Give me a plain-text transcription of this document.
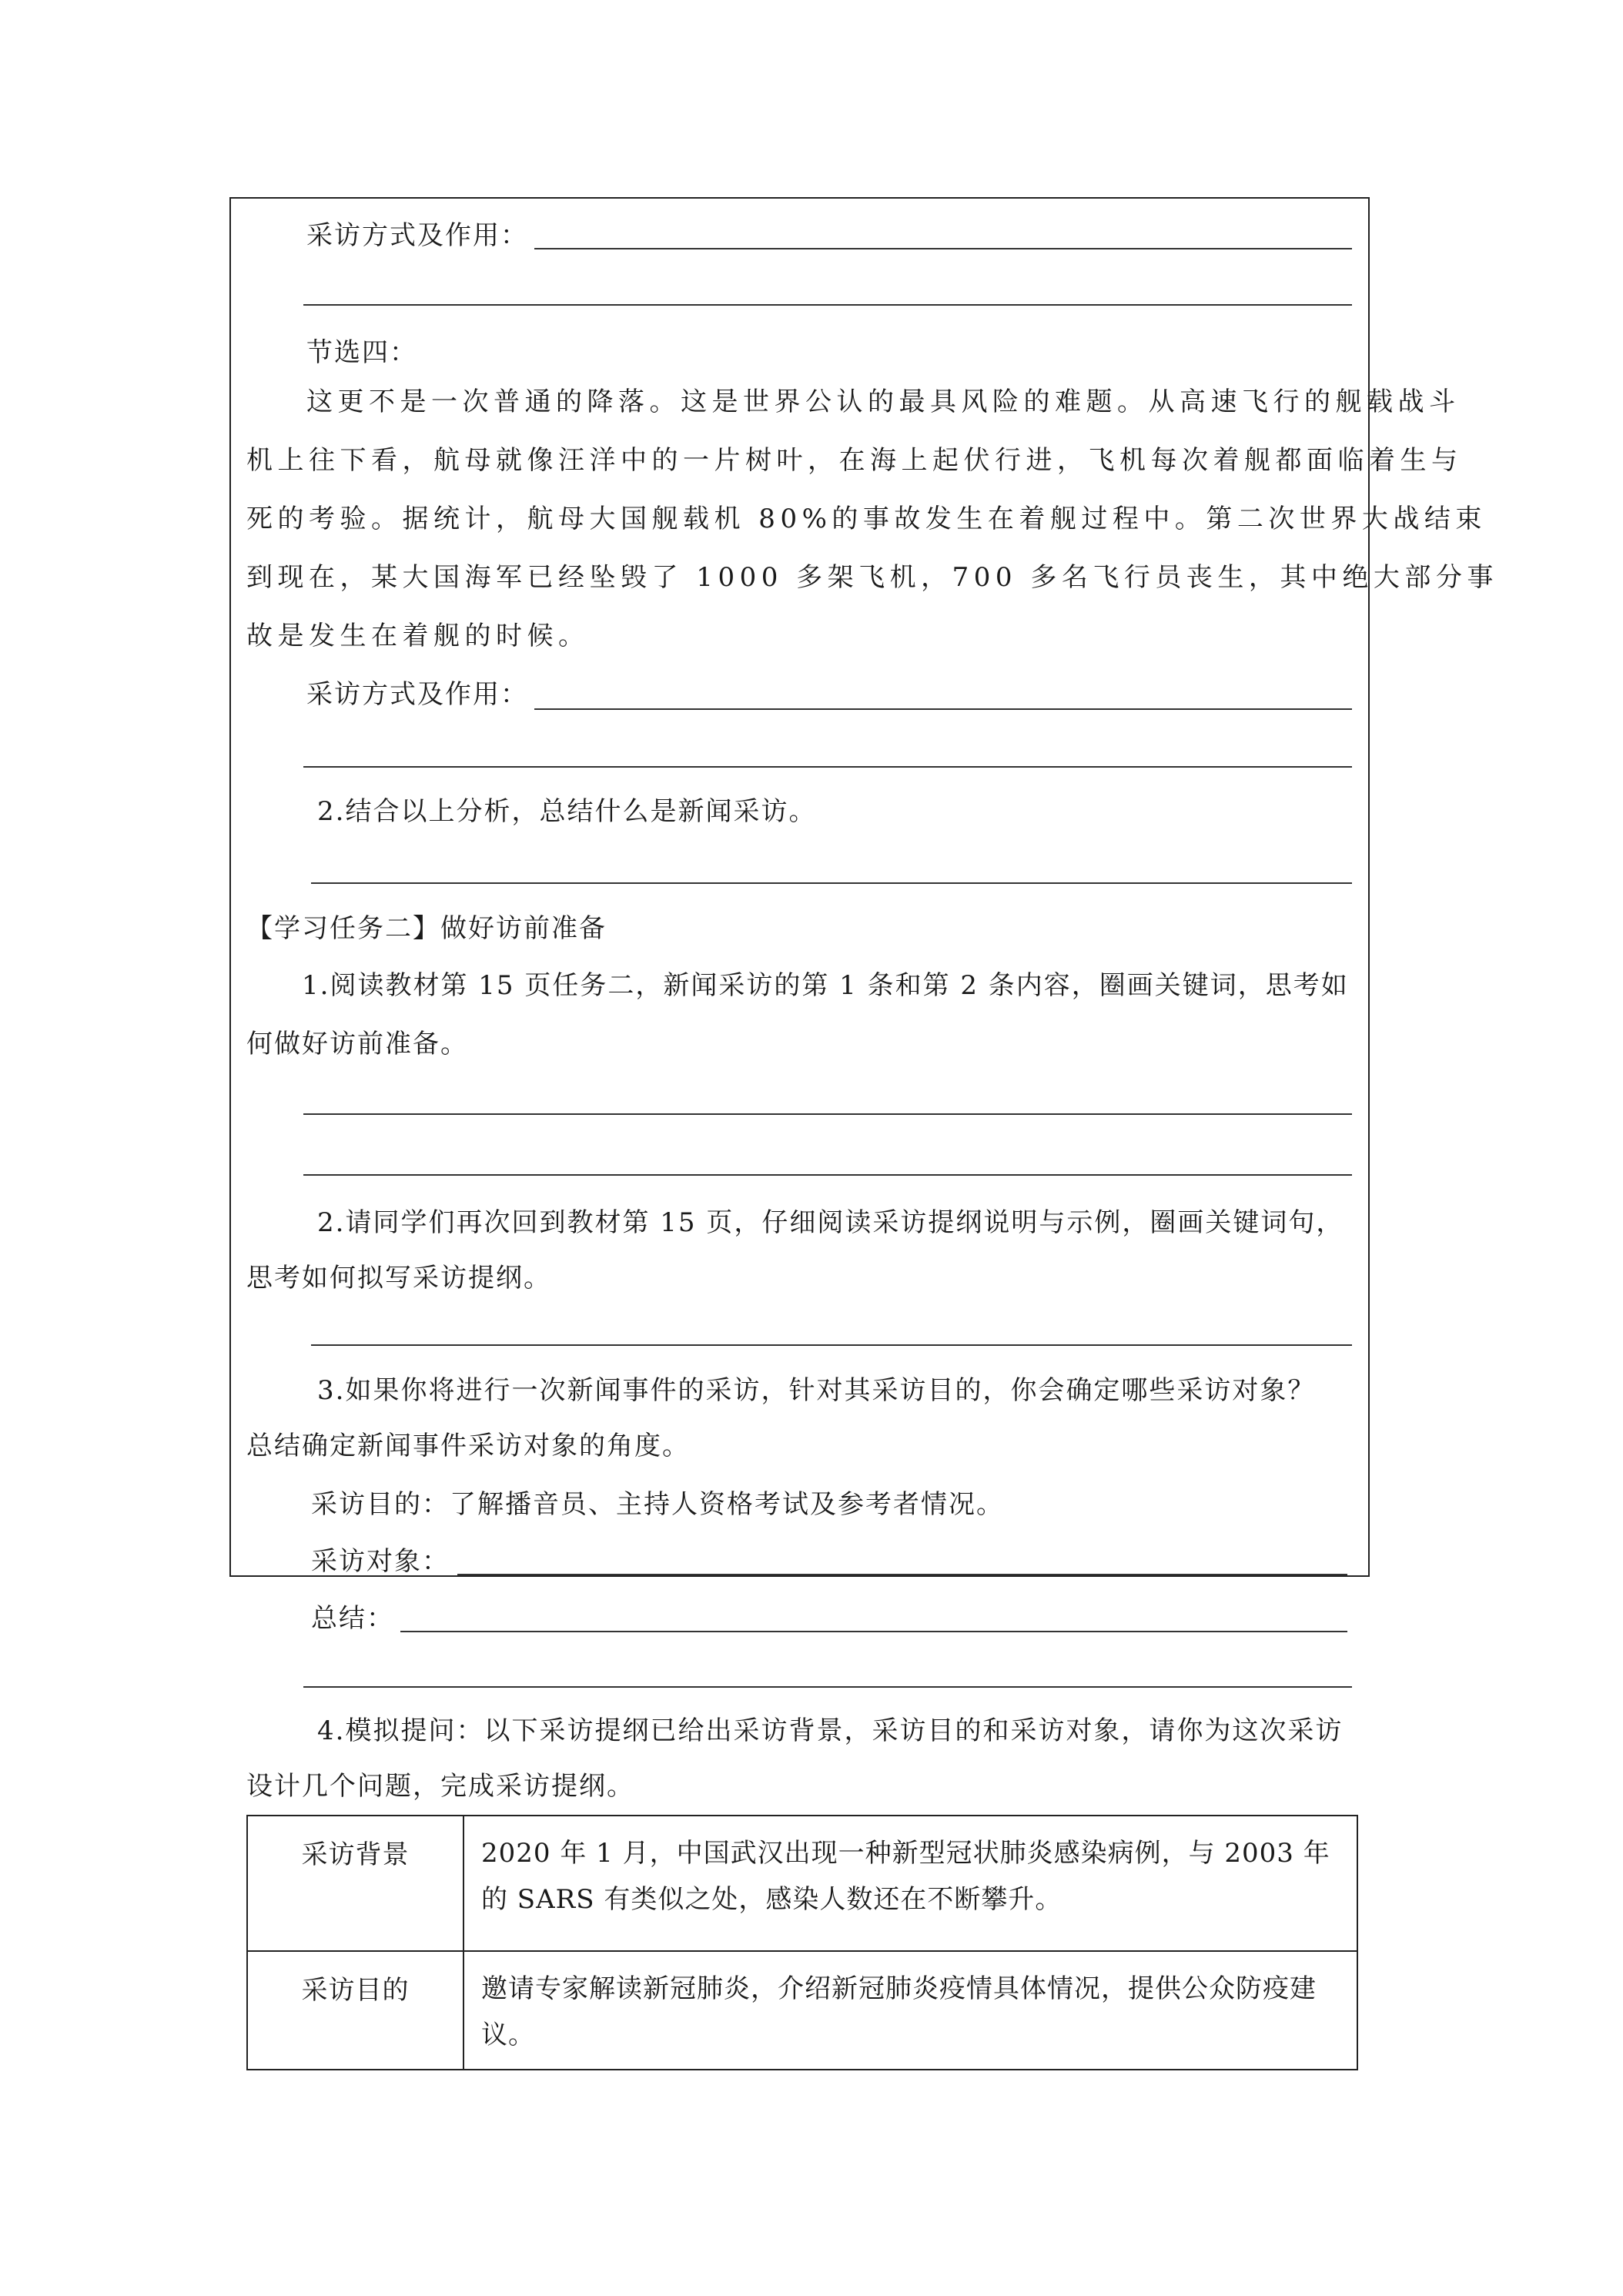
采访方式及作用：
节选四：
这更不是一次普通的降落。这是世界公认的最具风险的难题。从高速飞行的舰载战斗
机上往下看，航母就像汪洋中的一片树叶，在海上起伏行进，飞机每次着舰都面临着生与
死的考验。据统计，航母大国舰载机 80%的事故发生在着舰过程中。第二次世界大战结束
到现在，某大国海军已经坠毁了 1000 多架飞机，700 多名飞行员丧生，其中绝大部分事
故是发生在着舰的时候。
采访方式及作用：
2.结合以上分析，总结什么是新闻采访。
【学习任务二】做好访前准备
1.阅读教材第 15 页任务二，新闻采访的第 1 条和第 2 条内容，圈画关键词，思考如
何做好访前准备。
2.请同学们再次回到教材第 15 页，仔细阅读采访提纲说明与示例，圈画关键词句，
思考如何拟写采访提纲。
3.如果你将进行一次新闻事件的采访，针对其采访目的，你会确定哪些采访对象？
总结确定新闻事件采访对象的角度。
采访目的：了解播音员、主持人资格考试及参考者情况。
采访对象：
总结：
4.模拟提问：以下采访提纲已给出采访背景，采访目的和采访对象，请你为这次采访
设计几个问题，完成采访提纲。
采访背景	2020 年 1 月，中国武汉出现一种新型冠状肺炎感染病例，与 2003 年的 SARS 有类似之处，感染人数还在不断攀升。
采访目的	邀请专家解读新冠肺炎，介绍新冠肺炎疫情具体情况，提供公众防疫建议。
